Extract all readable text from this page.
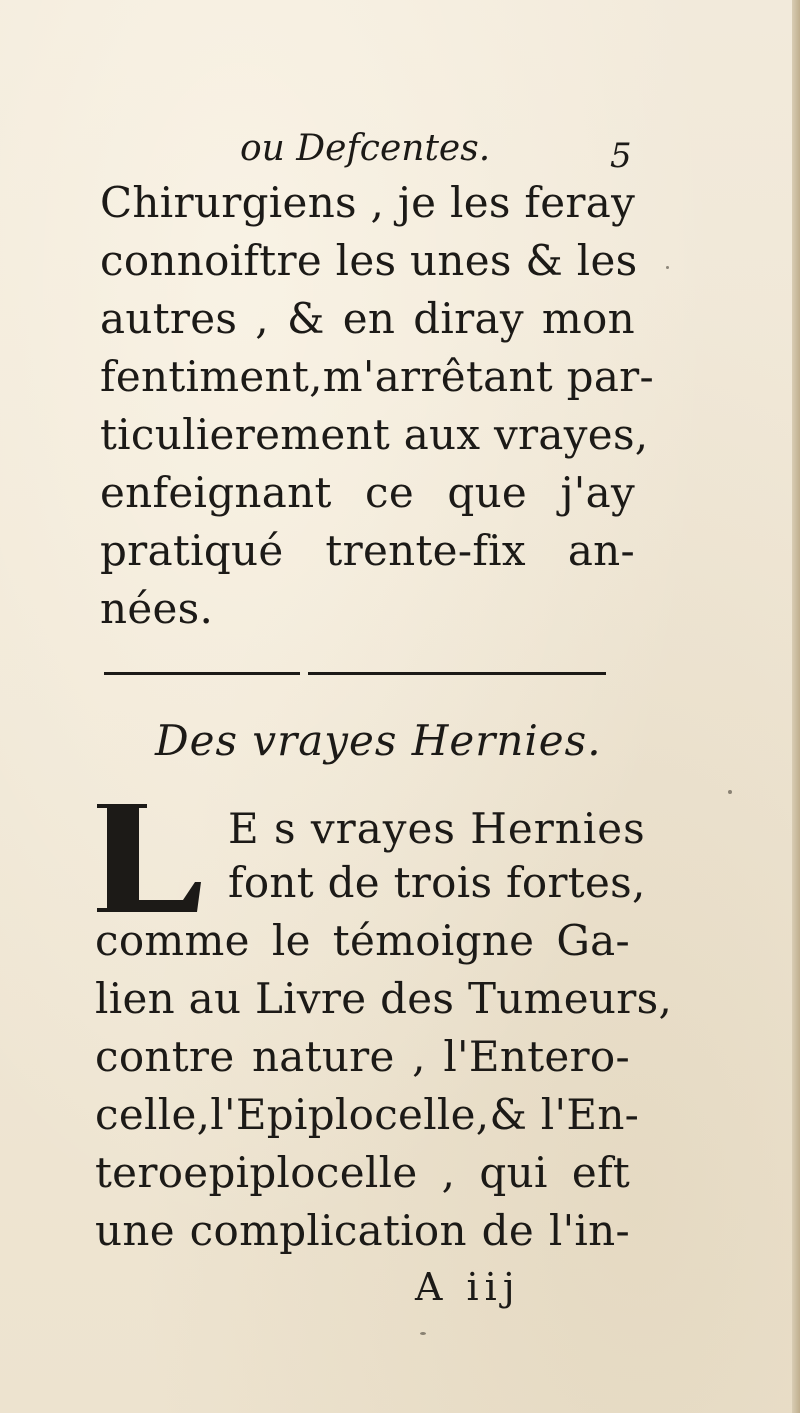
ou Defcentes.	5
Chirurgiens , je les feray
connoiftre les unes & les
autres , & en diray mon
fentiment,m'arrêtant par-
ticulierement aux vrayes,
enfeignant ce que j'ay
pratiqué trente-fix an-
nées.
Des vrayes Hernies.
E s vrayes Hernies
font de trois fortes,
comme le témoigne Ga-
lien au Livre des Tumeurs,
contre nature , l'Entero-
celle,l'Epiplocelle,& l'En-
teroepiplocelle , qui eft
une complication de l'in-
A iij
